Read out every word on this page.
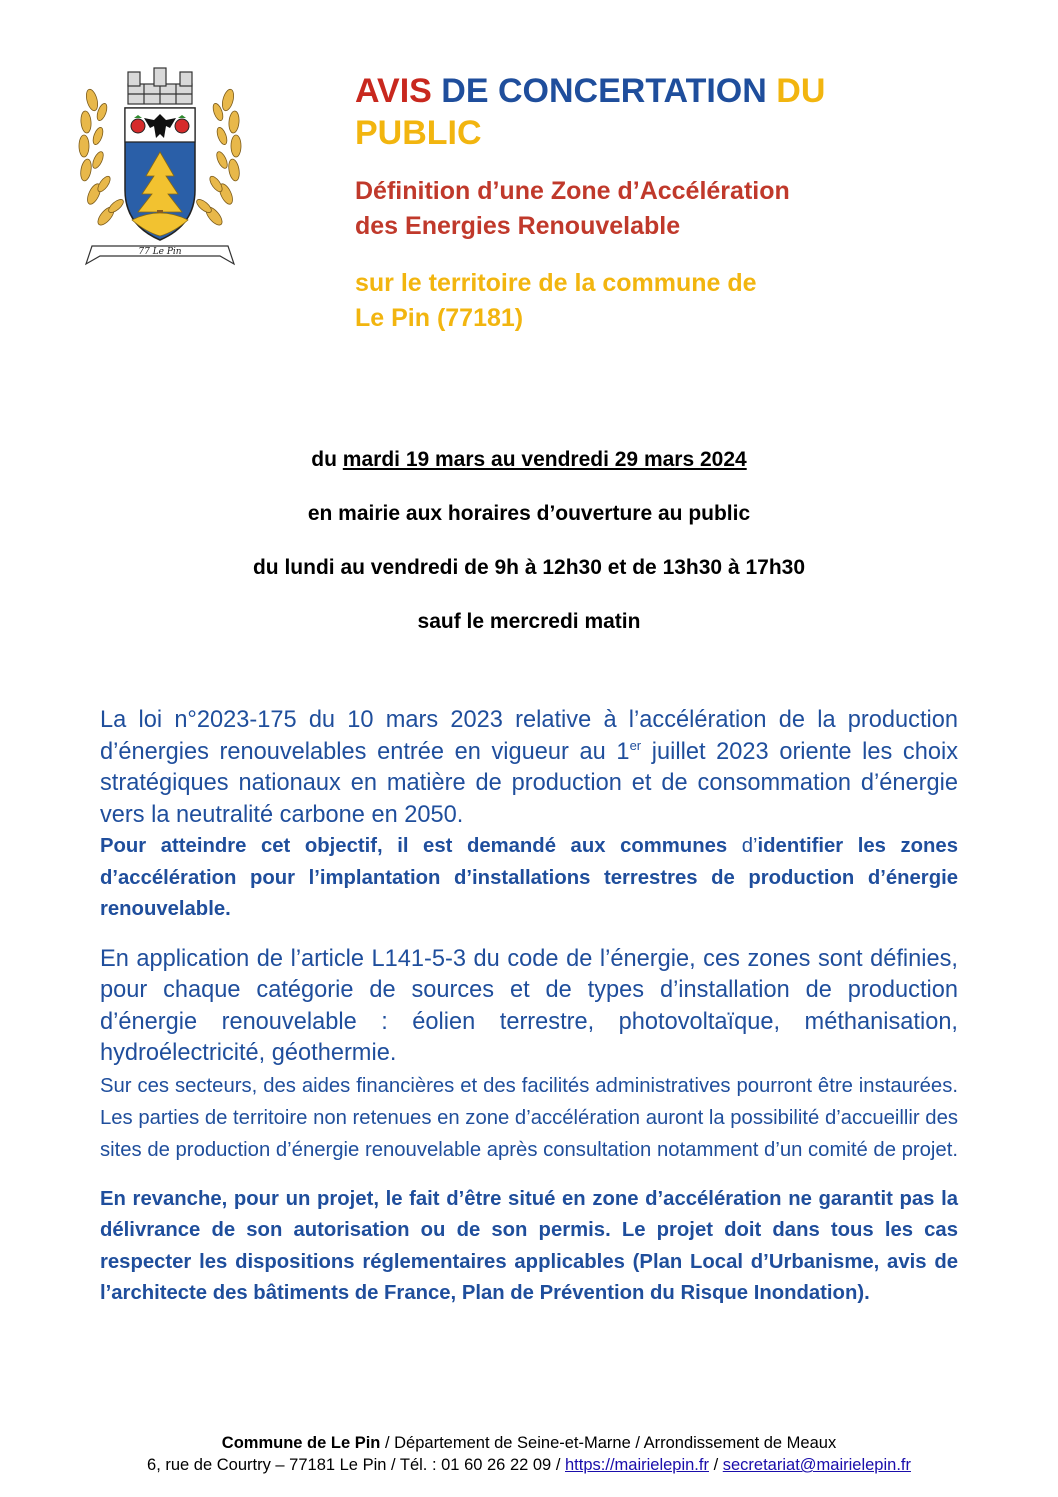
77 Le Pin

AVIS DE CONCERTATION DU
PUBLIC

Définition d’une Zone d’Accélération
des Energies Renouvelable

sur le territoire de la commune de
Le Pin (77181)

du mardi 19 mars au vendredi 29 mars 2024
en mairie aux horaires d’ouverture au public
du lundi au vendredi de 9h à 12h30 et de 13h30 à 17h30
sauf le mercredi matin

La loi n°2023-175 du 10 mars 2023 relative à l’accélération de la production d’énergies renouvelables entrée en vigueur au 1er juillet 2023 oriente les choix stratégiques nationaux en matière de production et de consommation d’énergie vers la neutralité carbone en 2050.

Pour atteindre cet objectif, il est demandé aux communes d’identifier les zones d’accélération pour l’implantation d’installations terrestres de production d’énergie renouvelable.

En application de l’article L141-5-3 du code de l’énergie, ces zones sont définies, pour chaque catégorie de sources et de types d’installation de production d’énergie renouvelable : éolien terrestre, photovoltaïque, méthanisation, hydroélectricité, géothermie.

Sur ces secteurs, des aides financières et des facilités administratives pourront être instaurées. Les parties de territoire non retenues en zone d’accélération auront la possibilité d’accueillir des sites de production d’énergie renouvelable après consultation notamment d’un comité de projet.

En revanche, pour un projet, le fait d’être situé en zone d’accélération ne garantit pas la délivrance de son autorisation ou de son permis. Le projet doit dans tous les cas respecter les dispositions réglementaires applicables (Plan Local d’Urbanisme, avis de l’architecte des bâtiments de France, Plan de Prévention du Risque Inondation).

Commune de Le Pin / Département de Seine-et-Marne / Arrondissement de Meaux
6, rue de Courtry – 77181 Le Pin / Tél. : 01 60 26 22 09 / https://mairielepin.fr / secretariat@mairielepin.fr
